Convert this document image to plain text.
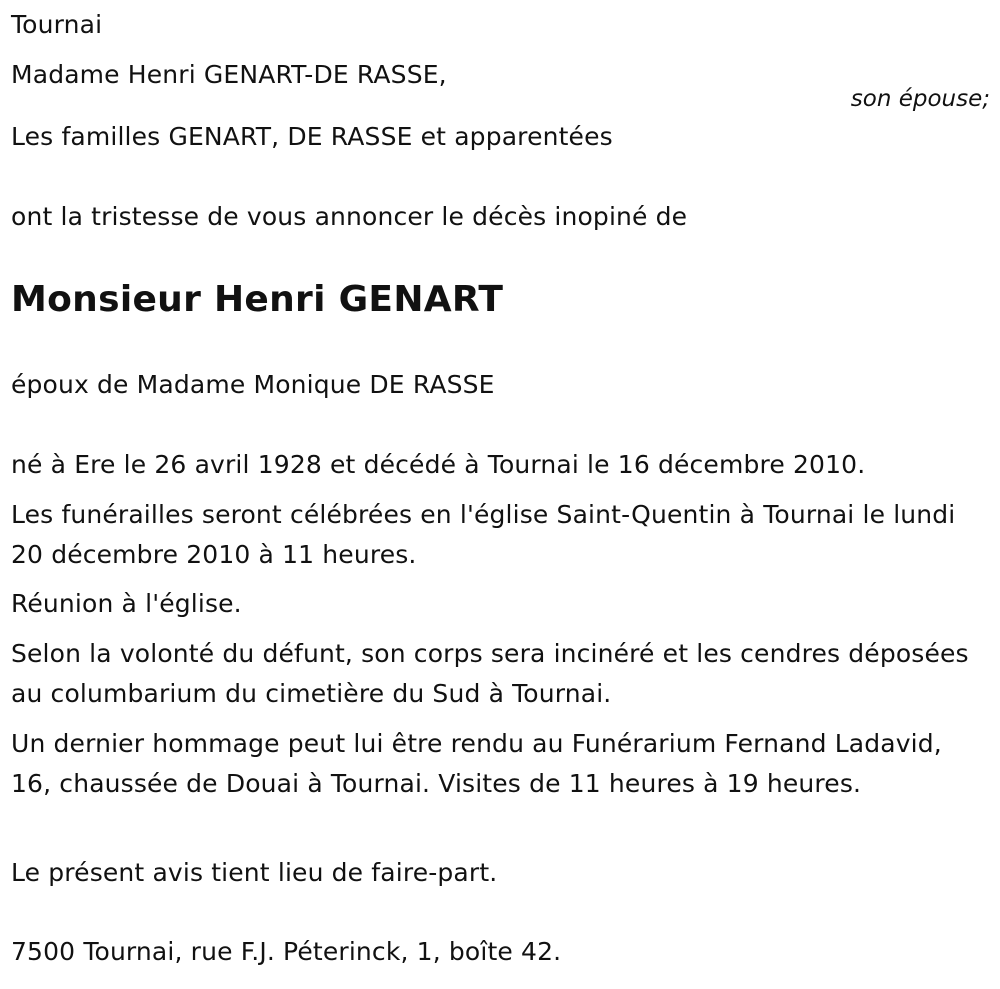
Tournai
Madame Henri GENART-DE RASSE,
son épouse;
Les familles GENART, DE RASSE et apparentées
ont la tristesse de vous annoncer le décès inopiné de
Monsieur Henri GENART
époux de Madame Monique DE RASSE
né à Ere le 26 avril 1928 et décédé à Tournai le 16 décembre 2010.
Les funérailles seront célébrées en l'église Saint-Quentin à Tournai le lundi 20 décembre 2010 à 11 heures.
Réunion à l'église.
Selon la volonté du défunt, son corps sera incinéré et les cendres déposées au columbarium du cimetière du Sud à Tournai.
Un dernier hommage peut lui être rendu au Funérarium Fernand Ladavid, 16, chaussée de Douai à Tournai. Visites de 11 heures à 19 heures.
Le présent avis tient lieu de faire-part.
7500 Tournai, rue F.J. Péterinck, 1, boîte 42.
